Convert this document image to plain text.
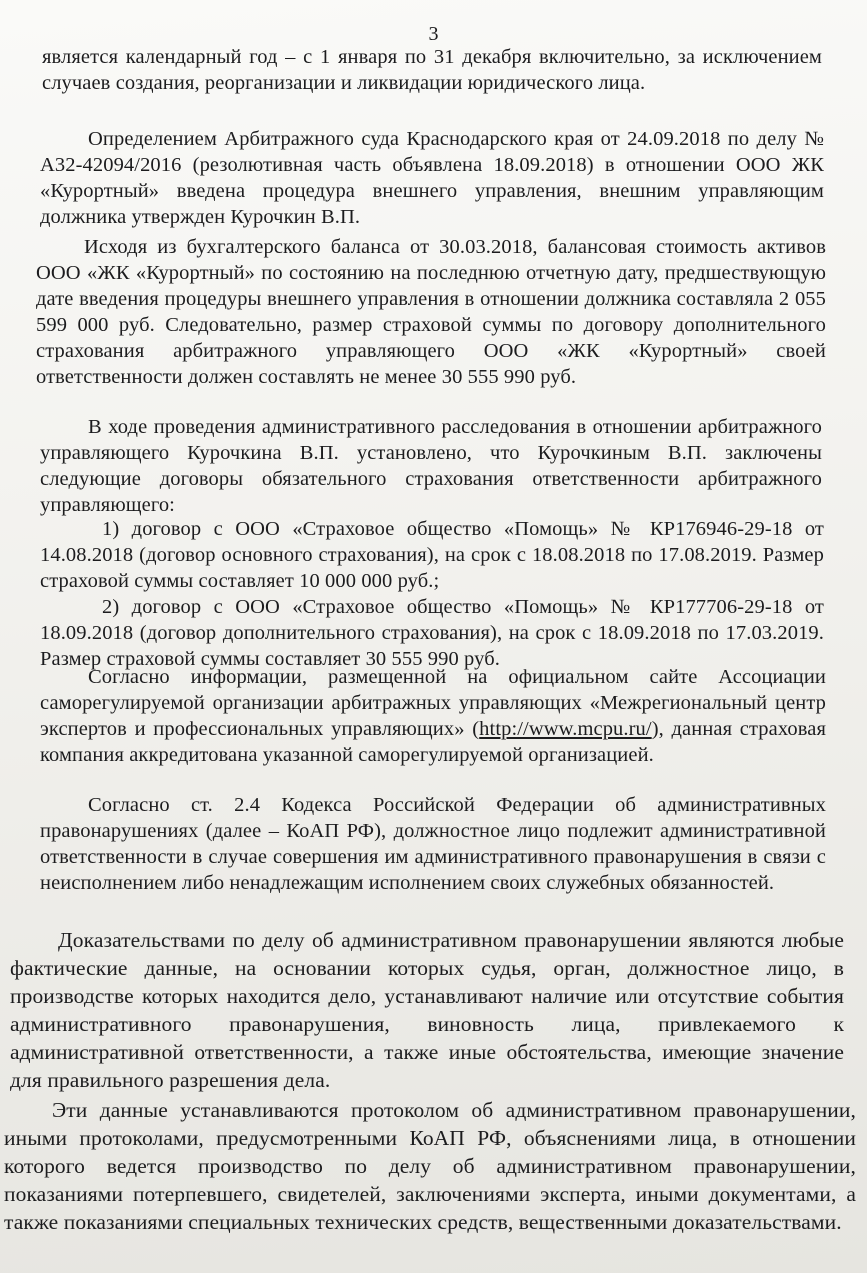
3

является календарный год – с 1 января по 31 декабря включительно, за исключением случаев создания, реорганизации и ликвидации юридического лица.

Определением Арбитражного суда Краснодарского края от 24.09.2018 по делу № А32-42094/2016 (резолютивная часть объявлена 18.09.2018) в отношении ООО ЖК «Курортный» введена процедура внешнего управления, внешним управляющим должника утвержден Курочкин В.П.

Исходя из бухгалтерского баланса от 30.03.2018, балансовая стоимость активов ООО «ЖК «Курортный» по состоянию на последнюю отчетную дату, предшествующую дате введения процедуры внешнего управления в отношении должника составляла 2 055 599 000 руб. Следовательно, размер страховой суммы по договору дополнительного страхования арбитражного управляющего ООО «ЖК «Курортный» своей ответственности должен составлять не менее 30 555 990 руб.

В ходе проведения административного расследования в отношении арбитражного управляющего Курочкина В.П. установлено, что Курочкиным В.П. заключены следующие договоры обязательного страхования ответственности арбитражного управляющего:

1) договор с ООО «Страховое общество «Помощь» № КР176946-29-18 от 14.08.2018 (договор основного страхования), на срок с 18.08.2018 по 17.08.2019. Размер страховой суммы составляет 10 000 000 руб.;

2) договор с ООО «Страховое общество «Помощь» № КР177706-29-18 от 18.09.2018 (договор дополнительного страхования), на срок с 18.09.2018 по 17.03.2019. Размер страховой суммы составляет 30 555 990 руб.

Согласно информации, размещенной на официальном сайте Ассоциации саморегулируемой организации арбитражных управляющих «Межрегиональный центр экспертов и профессиональных управляющих» (http://www.mcpu.ru/), данная страховая компания аккредитована указанной саморегулируемой организацией.

Согласно ст. 2.4 Кодекса Российской Федерации об административных правонарушениях (далее – КоАП РФ), должностное лицо подлежит административной ответственности в случае совершения им административного правонарушения в связи с неисполнением либо ненадлежащим исполнением своих служебных обязанностей.

Доказательствами по делу об административном правонарушении являются любые фактические данные, на основании которых судья, орган, должностное лицо, в производстве которых находится дело, устанавливают наличие или отсутствие события административного правонарушения, виновность лица, привлекаемого к административной ответственности, а также иные обстоятельства, имеющие значение для правильного разрешения дела.

Эти данные устанавливаются протоколом об административном правонарушении, иными протоколами, предусмотренными КоАП РФ, объяснениями лица, в отношении которого ведется производство по делу об административном правонарушении, показаниями потерпевшего, свидетелей, заключениями эксперта, иными документами, а также показаниями специальных технических средств, вещественными доказательствами.
